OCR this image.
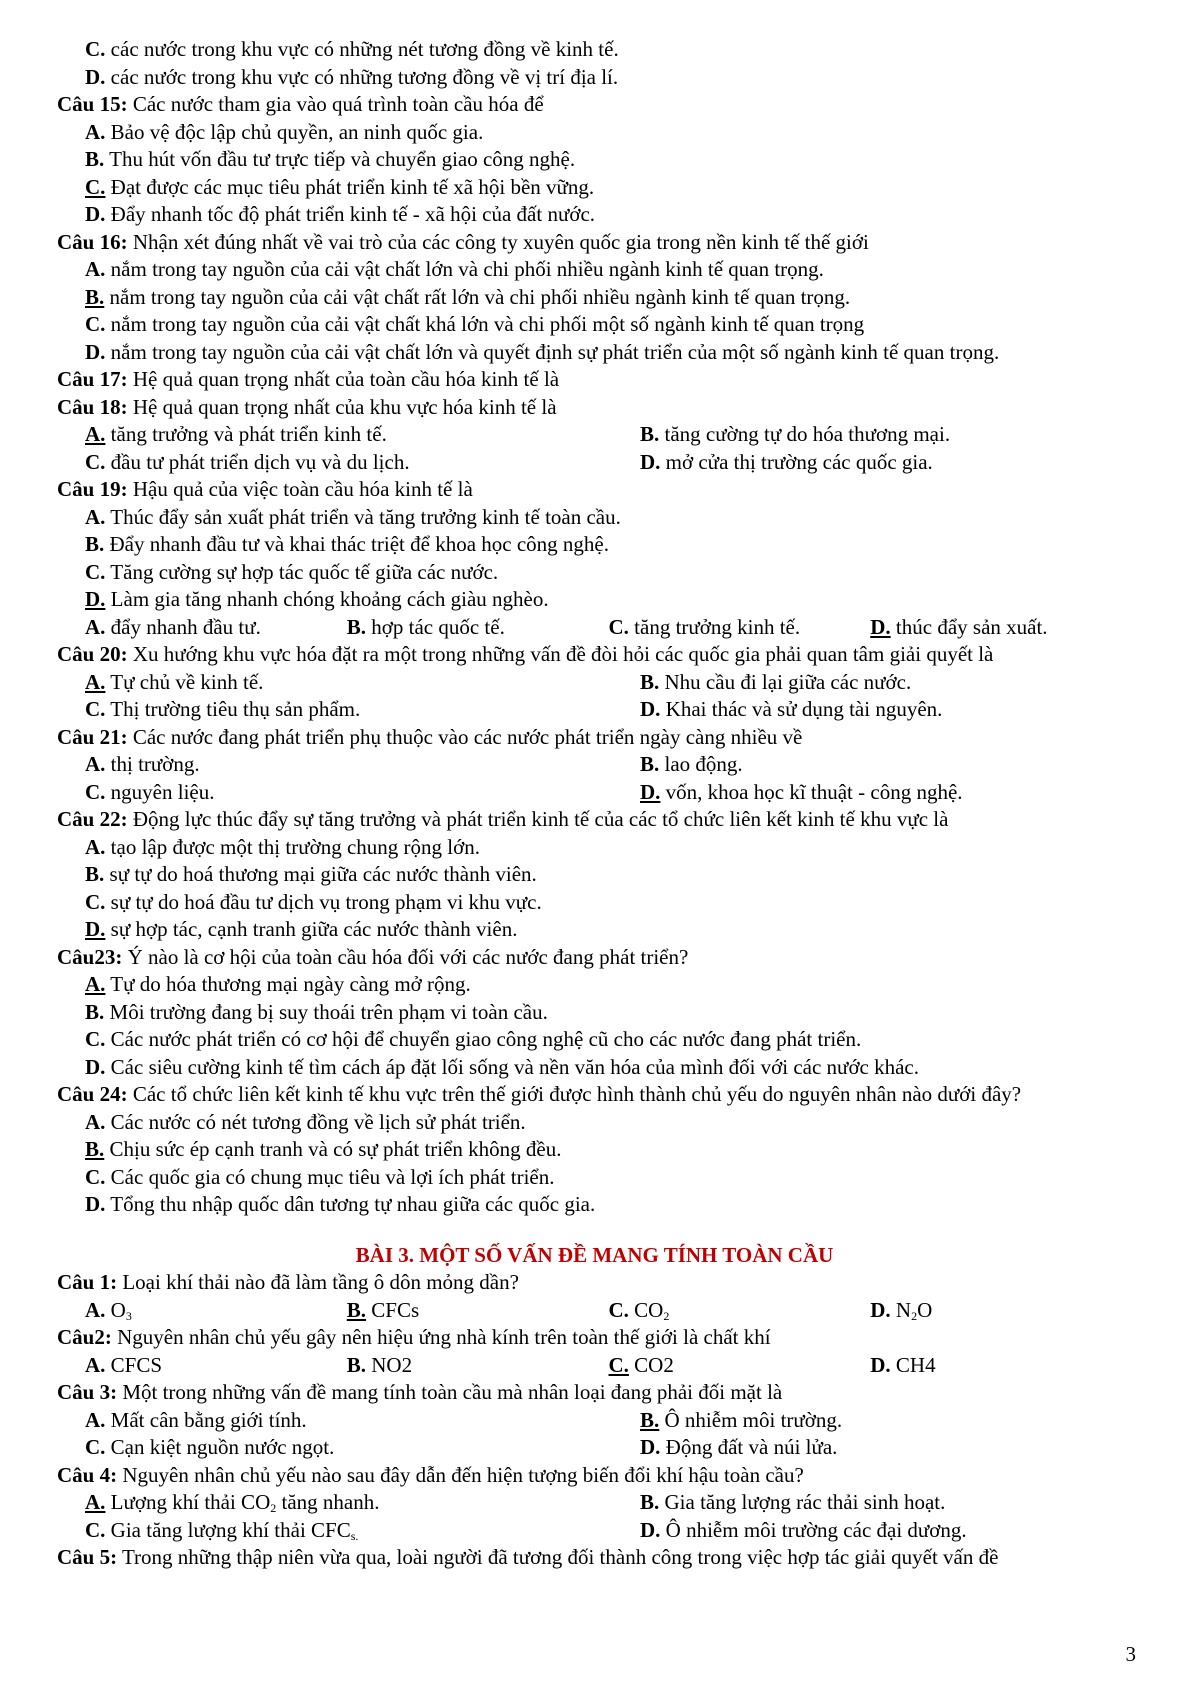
C. các nước trong khu vực có những nét tương đồng về kinh tế.
D. các nước trong khu vực có những tương đồng về vị trí địa lí.
Câu 15: Các nước tham gia vào quá trình toàn cầu hóa để
A. Bảo vệ độc lập chủ quyền, an ninh quốc gia.
B. Thu hút vốn đầu tư trực tiếp và chuyển giao công nghệ.
C. Đạt được các mục tiêu phát triển kinh tế xã hội bền vững.
D. Đẩy nhanh tốc độ phát triển kinh tế - xã hội của đất nước.
Câu 16: Nhận xét đúng nhất về vai trò của các công ty xuyên quốc gia trong nền kinh tế thế giới
A. nắm trong tay nguồn của cải vật chất lớn và chi phối nhiều ngành kinh tế quan trọng.
B. nắm trong tay nguồn của cải vật chất rất lớn và chi phối nhiều ngành kinh tế quan trọng.
C. nắm trong tay nguồn của cải vật chất khá lớn và chi phối một số ngành kinh tế quan trọng
D. nắm trong tay nguồn của cải vật chất lớn và quyết định sự phát triển của một số ngành kinh tế quan trọng.
Câu 17: Hệ quả quan trọng nhất của toàn cầu hóa kinh tế là
Câu 18: Hệ quả quan trọng nhất của khu vực hóa kinh tế là
A. tăng trưởng và phát triển kinh tế.	B. tăng cường tự do hóa thương mại.
C. đầu tư phát triển dịch vụ và du lịch.	D. mở cửa thị trường các quốc gia.
Câu 19: Hậu quả của việc toàn cầu hóa kinh tế là
A. Thúc đẩy sản xuất phát triển và tăng trưởng kinh tế toàn cầu.
B. Đẩy nhanh đầu tư và khai thác triệt để khoa học công nghệ.
C. Tăng cường sự hợp tác quốc tế giữa các nước.
D. Làm gia tăng nhanh chóng khoảng cách giàu nghèo.
A. đẩy nhanh đầu tư.	B. hợp tác quốc tế.	C. tăng trưởng kinh tế.	D. thúc đẩy sản xuất.
Câu 20: Xu hướng khu vực hóa đặt ra một trong những vấn đề đòi hỏi các quốc gia phải quan tâm giải quyết là
A. Tự chủ về kinh tế.	B. Nhu cầu đi lại giữa các nước.
C. Thị trường tiêu thụ sản phẩm.	D. Khai thác và sử dụng tài nguyên.
Câu 21: Các nước đang phát triển phụ thuộc vào các nước phát triển ngày càng nhiều về
A. thị trường.	B. lao động.
C. nguyên liệu.	D. vốn, khoa học kĩ thuật - công nghệ.
Câu 22: Động lực thúc đẩy sự tăng trưởng và phát triển kinh tế của các tổ chức liên kết kinh tế khu vực là
A. tạo lập được một thị trường chung rộng lớn.
B. sự tự do hoá thương mại giữa các nước thành viên.
C. sự tự do hoá đầu tư dịch vụ trong phạm vi khu vực.
D. sự hợp tác, cạnh tranh giữa các nước thành viên.
Câu23: Ý nào là cơ hội của toàn cầu hóa đối với các nước đang phát triển?
A. Tự do hóa thương mại ngày càng mở rộng.
B. Môi trường đang bị suy thoái trên phạm vi toàn cầu.
C. Các nước phát triển có cơ hội để chuyển giao công nghệ cũ cho các nước đang phát triển.
D. Các siêu cường kinh tế tìm cách áp đặt lối sống và nền văn hóa của mình đối với các nước khác.
Câu 24: Các tổ chức liên kết kinh tế khu vực trên thế giới được hình thành chủ yếu do nguyên nhân nào dưới đây?
A. Các nước có nét tương đồng về lịch sử phát triển.
B. Chịu sức ép cạnh tranh và có sự phát triển không đều.
C. Các quốc gia có chung mục tiêu và lợi ích phát triển.
D. Tổng thu nhập quốc dân tương tự nhau giữa các quốc gia.
BÀI 3. MỘT SỐ VẤN ĐỀ MANG TÍNH TOÀN CẦU
Câu 1: Loại khí thải nào đã làm tầng ô dôn mỏng dần?
A. $O_3$	B. CFCs	C. $CO_2$	D. $N_2O$
Câu2: Nguyên nhân chủ yếu gây nên hiệu ứng nhà kính trên toàn thế giới là chất khí
A. CFCS	B. NO2	C. CO2	D. CH4
Câu 3: Một trong những vấn đề mang tính toàn cầu mà nhân loại đang phải đối mặt là
A. Mất cân bằng giới tính.	B. Ô nhiễm môi trường.
C. Cạn kiệt nguồn nước ngọt.	D. Động đất và núi lửa.
Câu 4: Nguyên nhân chủ yếu nào sau đây dẫn đến hiện tượng biến đổi khí hậu toàn cầu?
A. Lượng khí thải $CO_2$ tăng nhanh.	B. Gia tăng lượng rác thải sinh hoạt.
C. Gia tăng lượng khí thải $CFC_{s.}$	D. Ô nhiễm môi trường các đại dương.
Câu 5: Trong những thập niên vừa qua, loài người đã tương đối thành công trong việc hợp tác giải quyết vấn đề
3
